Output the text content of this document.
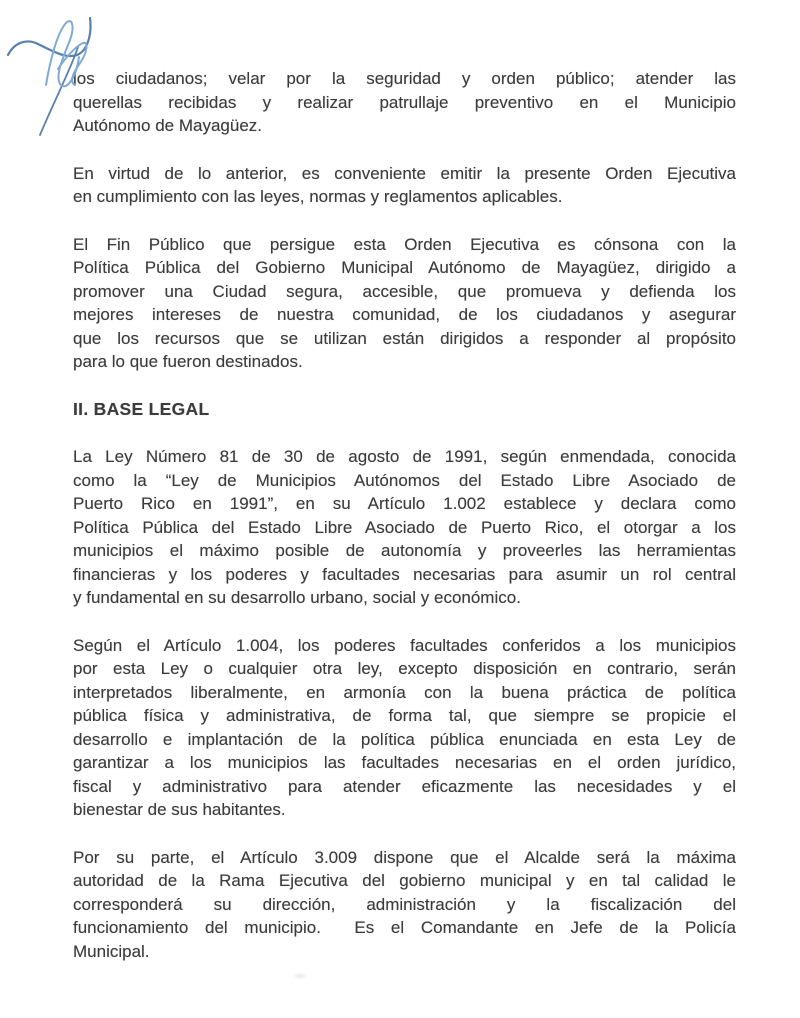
los ciudadanos; velar por la seguridad y orden público; atender las
querellas recibidas y realizar patrullaje preventivo en el Municipio
Autónomo de Mayagüez.

En virtud de lo anterior, es conveniente emitir la presente Orden Ejecutiva
en cumplimiento con las leyes, normas y reglamentos aplicables.

El Fin Público que persigue esta Orden Ejecutiva es cónsona con la
Política Pública del Gobierno Municipal Autónomo de Mayagüez, dirigido a
promover una Ciudad segura, accesible, que promueva y defienda los
mejores intereses de nuestra comunidad, de los ciudadanos y asegurar
que los recursos que se utilizan están dirigidos a responder al propósito
para lo que fueron destinados.

II. BASE LEGAL

La Ley Número 81 de 30 de agosto de 1991, según enmendada, conocida
como la “Ley de Municipios Autónomos del Estado Libre Asociado de
Puerto Rico en 1991”, en su Artículo 1.002 establece y declara como
Política Pública del Estado Libre Asociado de Puerto Rico, el otorgar a los
municipios el máximo posible de autonomía y proveerles las herramientas
financieras y los poderes y facultades necesarias para asumir un rol central
y fundamental en su desarrollo urbano, social y económico.

Según el Artículo 1.004, los poderes facultades conferidos a los municipios
por esta Ley o cualquier otra ley, excepto disposición en contrario, serán
interpretados liberalmente, en armonía con la buena práctica de política
pública física y administrativa, de forma tal, que siempre se propicie el
desarrollo e implantación de la política pública enunciada en esta Ley de
garantizar a los municipios las facultades necesarias en el orden jurídico,
fiscal y administrativo para atender eficazmente las necesidades y el
bienestar de sus habitantes.

Por su parte, el Artículo 3.009 dispone que el Alcalde será la máxima
autoridad de la Rama Ejecutiva del gobierno municipal y en tal calidad le
corresponderá su dirección, administración y la fiscalización del
funcionamiento del municipio.  Es el Comandante en Jefe de la Policía
Municipal.
